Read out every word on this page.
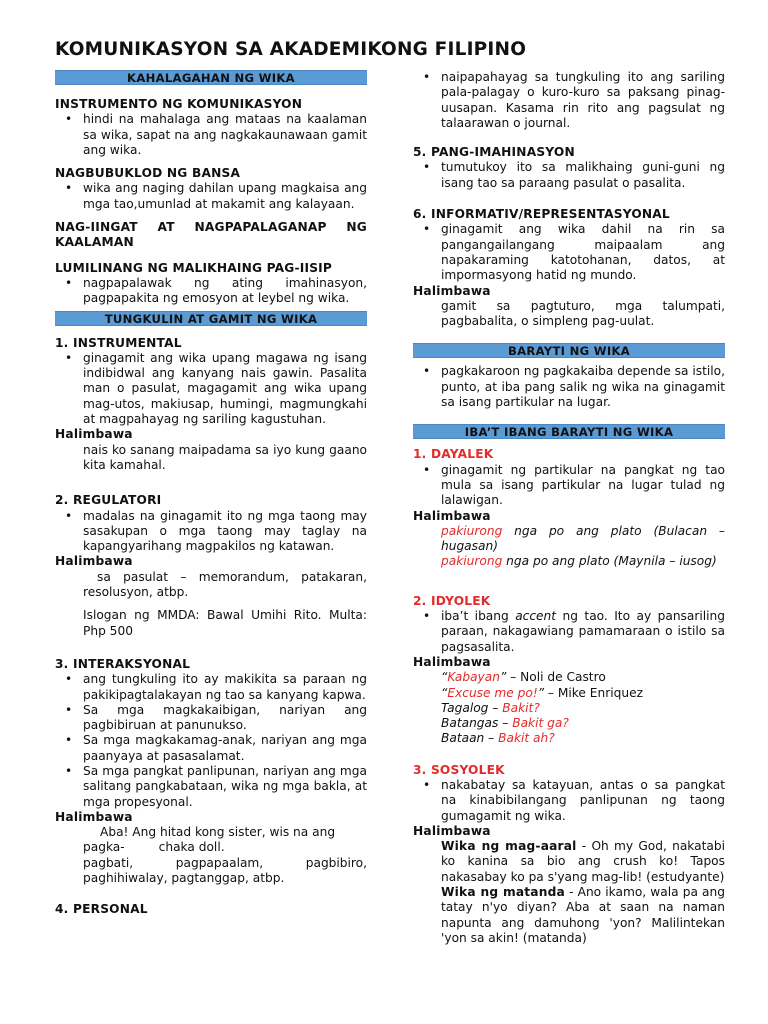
KOMUNIKASYON SA AKADEMIKONG FILIPINO
KAHALAGAHAN NG WIKA
INSTRUMENTO NG KOMUNIKASYON
• hindi na mahalaga ang mataas na kaalaman sa wika, sapat na ang nagkakaunawaan gamit ang wika.
NAGBUBUKLOD NG BANSA
• wika ang naging dahilan upang magkaisa ang mga tao,umunlad at makamit ang kalayaan.
NAG-IINGAT AT NAGPAPALAGANAP NG
KAALAMAN
LUMILINANG NG MALIKHAING PAG-IISIP
• nagpapalawak ng ating imahinasyon, pagpapakita ng emosyon at leybel ng wika.
TUNGKULIN AT GAMIT NG WIKA
1. INSTRUMENTAL
• ginagamit ang wika upang magawa ng isang indibidwal ang kanyang nais gawin. Pasalita man o pasulat, magagamit ang wika upang mag-utos, makiusap, humingi, magmungkahi at magpahayag ng sariling kagustuhan.
Halimbawa
nais ko sanang maipadama sa iyo kung gaano kita kamahal.
2. REGULATORI
• madalas na ginagamit ito ng mga taong may sasakupan o mga taong may taglay na kapangyarihang magpakilos ng katawan.
Halimbawa
sa pasulat – memorandum, patakaran, resolusyon, atbp.
Islogan ng MMDA: Bawal Umihi Rito. Multa: Php 500
3. INTERAKSYONAL
• ang tungkuling ito ay makikita sa paraan ng pakikipagtalakayan ng tao sa kanyang kapwa.
• Sa mga magkakaibigan, nariyan ang pagbibiruan at panunukso.
• Sa mga magkakamag-anak, nariyan ang mga paanyaya at pasasalamat.
• Sa mga pangkat panlipunan, nariyan ang mga salitang pangkabataan, wika ng mga bakla, at mga propesyonal.
Halimbawa
Aba! Ang hitad kong sister, wis na ang
pagka-	chaka doll.
pagbati,	pagpapaalam,	pagbibiro,
paghihiwalay, pagtanggap, atbp.
4. PERSONAL
• naipapahayag sa tungkuling ito ang sariling pala-palagay o kuro-kuro sa paksang pinag-uusapan. Kasama rin rito ang pagsulat ng talaarawan o journal.
5. PANG-IMAHINASYON
• tumutukoy ito sa malikhaing guni-guni ng isang tao sa paraang pasulat o pasalita.
6. INFORMATIV/REPRESENTASYONAL
• ginagamit ang wika dahil na rin sa pangangailangang maipaalam ang napakaraming katotohanan, datos, at impormasyong hatid ng mundo.
Halimbawa
gamit sa pagtuturo, mga talumpati, pagbabalita, o simpleng pag-uulat.
BARAYTI NG WIKA
• pagkakaroon ng pagkakaiba depende sa istilo, punto, at iba pang salik ng wika na ginagamit sa isang partikular na lugar.
IBA’T IBANG BARAYTI NG WIKA
1. DAYALEK
• ginagamit ng partikular na pangkat ng tao mula sa isang partikular na lugar tulad ng lalawigan.
Halimbawa
pakiurong nga po ang plato (Bulacan – hugasan)
pakiurong nga po ang plato (Maynila – iusog)
2. IDYOLEK
• iba’t ibang accent ng tao. Ito ay pansariling paraan, nakagawiang pamamaraan o istilo sa pagsasalita.
Halimbawa
“Kabayan” – Noli de Castro
“Excuse me po!” – Mike Enriquez
Tagalog – Bakit?
Batangas – Bakit ga?
Bataan – Bakit ah?
3. SOSYOLEK
• nakabatay sa katayuan, antas o sa pangkat na kinabibilangang panlipunan ng taong gumagamit ng wika.
Halimbawa
Wika ng mag-aaral - Oh my God, nakatabi ko kanina sa bio ang crush ko! Tapos nakasabay ko pa s'yang mag-lib! (estudyante)
Wika ng matanda - Ano ikamo, wala pa ang tatay n'yo diyan? Aba at saan na naman napunta ang damuhong 'yon? Malilintekan 'yon sa akin! (matanda)
